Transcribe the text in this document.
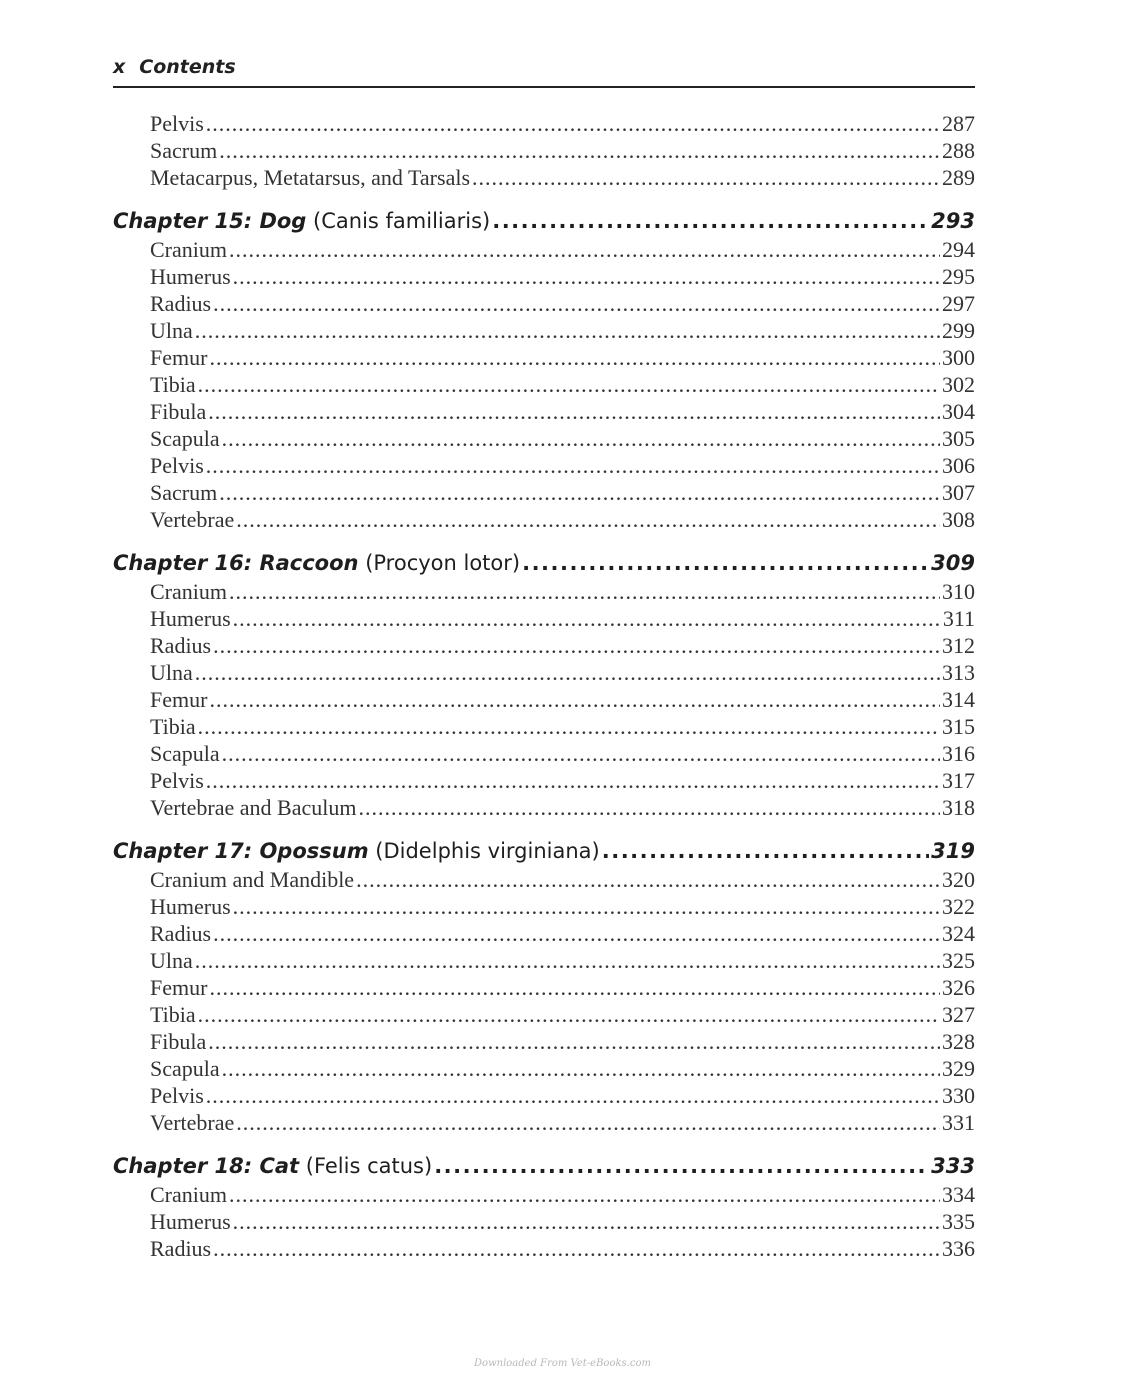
x Contents
Pelvis .....	287
Sacrum .....	288
Metacarpus, Metatarsus, and Tarsals .....	289
Chapter 15: Dog (Canis familiaris) .....	293
Cranium .....	294
Humerus .....	295
Radius .....	297
Ulna .....	299
Femur .....	300
Tibia .....	302
Fibula .....	304
Scapula .....	305
Pelvis .....	306
Sacrum .....	307
Vertebrae .....	308
Chapter 16: Raccoon (Procyon lotor) .....	309
Cranium .....	310
Humerus .....	311
Radius .....	312
Ulna .....	313
Femur .....	314
Tibia .....	315
Scapula .....	316
Pelvis .....	317
Vertebrae and Baculum .....	318
Chapter 17: Opossum (Didelphis virginiana) .....	319
Cranium and Mandible .....	320
Humerus .....	322
Radius .....	324
Ulna .....	325
Femur .....	326
Tibia .....	327
Fibula .....	328
Scapula .....	329
Pelvis .....	330
Vertebrae .....	331
Chapter 18: Cat (Felis catus) .....	333
Cranium .....	334
Humerus .....	335
Radius .....	336
Downloaded From Vet-eBooks.com
